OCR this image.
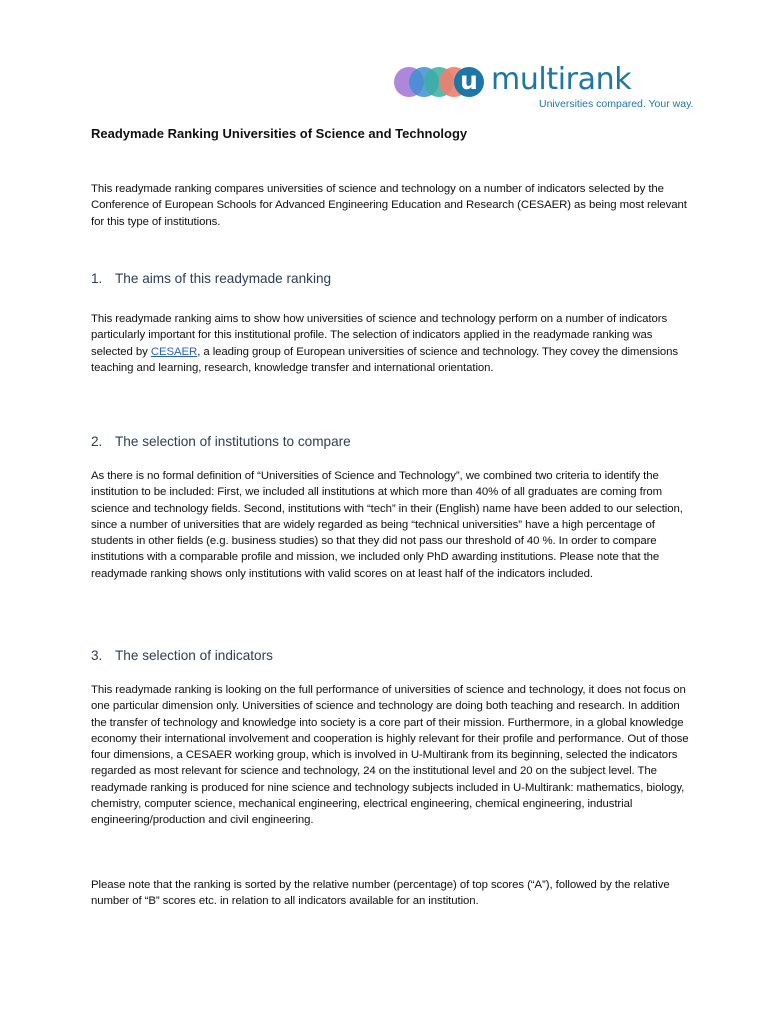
u multirank
Universities compared. Your way.
Readymade Ranking Universities of Science and Technology

This readymade ranking compares universities of science and technology on a number of indicators selected by the Conference of European Schools for Advanced Engineering Education and Research (CESAER) as being most relevant for this type of institutions.

1. The aims of this readymade ranking

This readymade ranking aims to show how universities of science and technology perform on a number of indicators particularly important for this institutional profile. The selection of indicators applied in the readymade ranking was selected by CESAER, a leading group of European universities of science and technology. They covey the dimensions teaching and learning, research, knowledge transfer and international orientation.

2. The selection of institutions to compare

As there is no formal definition of “Universities of Science and Technology”, we combined two criteria to identify the institution to be included: First, we included all institutions at which more than 40% of all graduates are coming from science and technology fields. Second, institutions with “tech” in their (English) name have been added to our selection, since a number of universities that are widely regarded as being “technical universities” have a high percentage of students in other fields (e.g. business studies) so that they did not pass our threshold of 40 %. In order to compare institutions with a comparable profile and mission, we included only PhD awarding institutions. Please note that the readymade ranking shows only institutions with valid scores on at least half of the indicators included.

3. The selection of indicators

This readymade ranking is looking on the full performance of universities of science and technology, it does not focus on one particular dimension only. Universities of science and technology are doing both teaching and research. In addition the transfer of technology and knowledge into society is a core part of their mission. Furthermore, in a global knowledge economy their international involvement and cooperation is highly relevant for their profile and performance. Out of those four dimensions, a CESAER working group, which is involved in U-Multirank from its beginning, selected the indicators regarded as most relevant for science and technology, 24 on the institutional level and 20 on the subject level. The readymade ranking is produced for nine science and technology subjects included in U-Multirank: mathematics, biology, chemistry, computer science, mechanical engineering, electrical engineering, chemical engineering, industrial engineering/production and civil engineering.

Please note that the ranking is sorted by the relative number (percentage) of top scores (“A”), followed by the relative number of “B” scores etc. in relation to all indicators available for an institution.
